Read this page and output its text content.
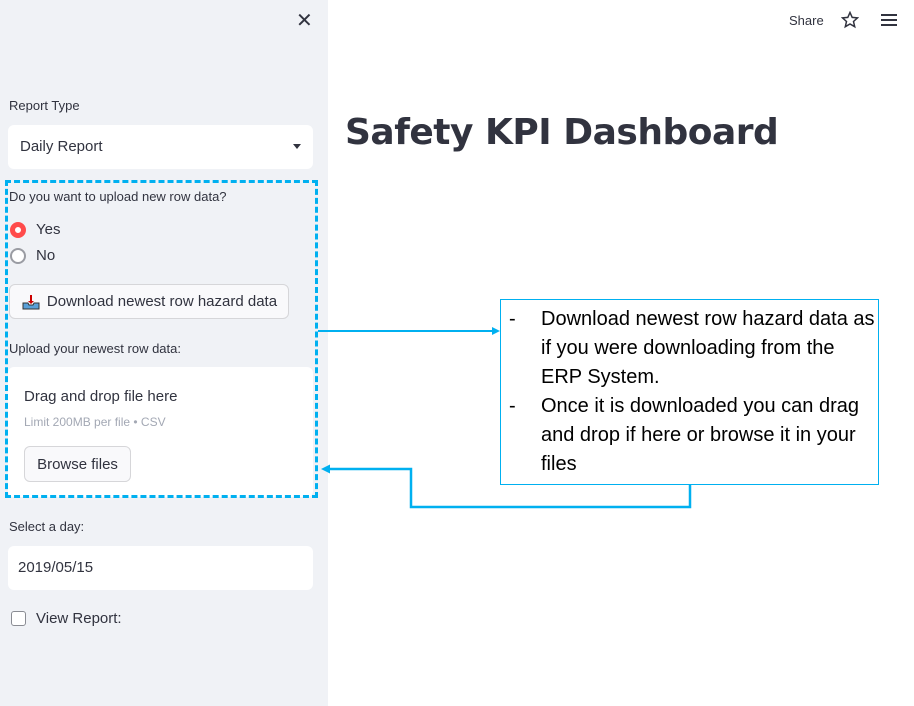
✕
Report Type
Daily Report
Do you want to upload new row data?
Yes
No
Download newest row hazard data
Upload your newest row data:
Drag and drop file here
Limit 200MB per file • CSV
Browse files
Select a day:
2019/05/15
View Report:
Share
Safety KPI Dashboard
-	Download newest row hazard data as if you were downloading from the ERP System.
-	Once it is downloaded you can drag and drop if here or browse it in your files
